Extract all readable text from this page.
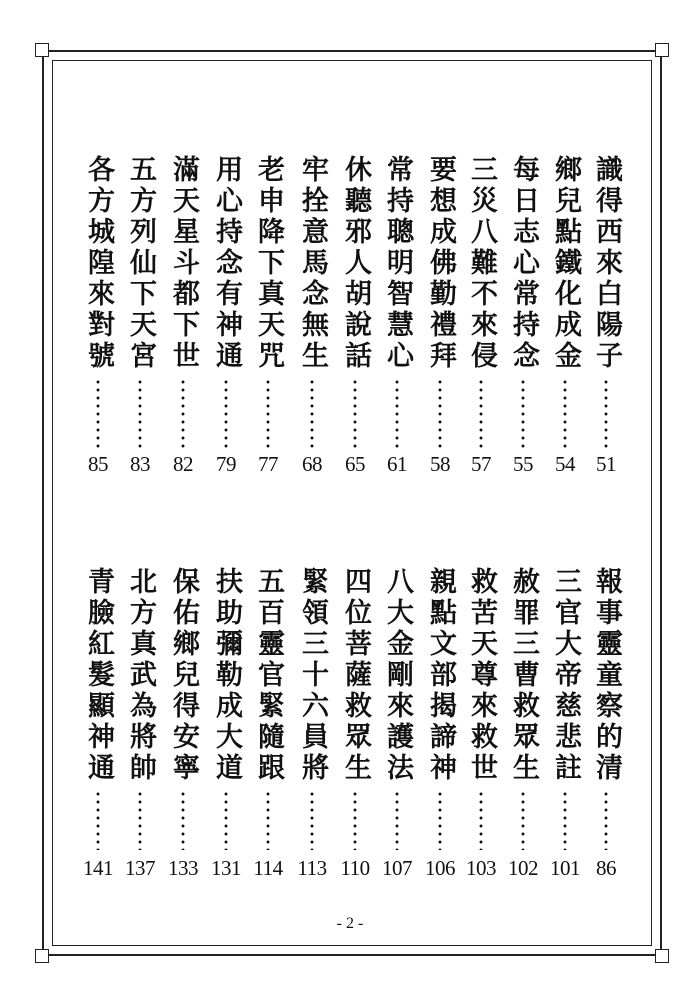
識得西來白陽子
51
鄉兒點鐵化成金
54
每日志心常持念
55
三災八難不來侵
57
要想成佛勤禮拜
58
常持聰明智慧心
61
休聽邪人胡說話
65
牢拴意馬念無生
68
老申降下真天咒
77
用心持念有神通
79
滿天星斗都下世
82
五方列仙下天宮
83
各方城隍來對號
85
報事靈童察的清
86
三官大帝慈悲註
101
赦罪三曹救眾生
102
救苦天尊來救世
103
親點文部揭諦神
106
八大金剛來護法
107
四位菩薩救眾生
110
緊領三十六員將
113
五百靈官緊隨跟
114
扶助彌勒成大道
131
保佑鄉兒得安寧
133
北方真武為將帥
137
青臉紅髮顯神通
141
- 2 -
